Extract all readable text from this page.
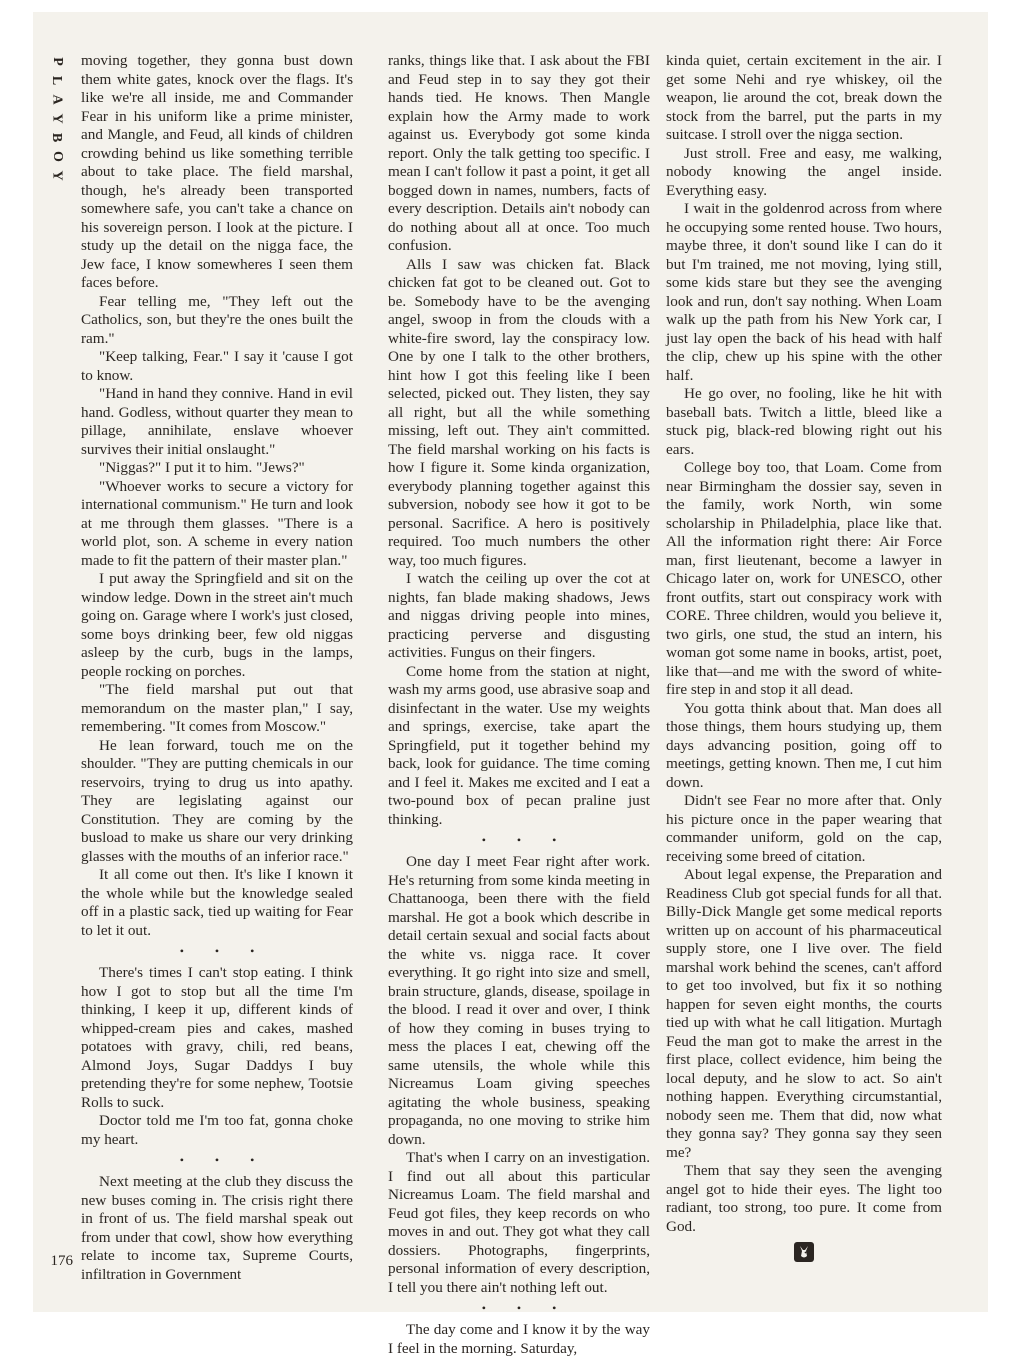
P
L
A
Y
B
O
Y
176

moving together, they gonna bust down them white gates, knock over the flags. It's like we're all inside, me and Commander Fear in his uniform like a prime minister, and Mangle, and Feud, all kinds of children crowding behind us like something terrible about to take place. The field marshal, though, he's already been transported somewhere safe, you can't take a chance on his sovereign person. I look at the picture. I study up the detail on the nigga face, the Jew face, I know somewheres I seen them faces before.

Fear telling me, "They left out the Catholics, son, but they're the ones built the ram."

"Keep talking, Fear." I say it 'cause I got to know.

"Hand in hand they connive. Hand in evil hand. Godless, without quarter they mean to pillage, annihilate, enslave whoever survives their initial onslaught."

"Niggas?" I put it to him. "Jews?"

"Whoever works to secure a victory for international communism." He turn and look at me through them glasses. "There is a world plot, son. A scheme in every nation made to fit the pattern of their master plan."

I put away the Springfield and sit on the window ledge. Down in the street ain't much going on. Garage where I work's just closed, some boys drinking beer, few old niggas asleep by the curb, bugs in the lamps, people rocking on porches.

"The field marshal put out that memorandum on the master plan," I say, remembering. "It comes from Moscow."

He lean forward, touch me on the shoulder. "They are putting chemicals in our reservoirs, trying to drug us into apathy. They are legislating against our Constitution. They are coming by the busload to make us share our very drinking glasses with the mouths of an inferior race."

It all come out then. It's like I known it the whole while but the knowledge sealed off in a plastic sack, tied up waiting for Fear to let it out.

• • •

There's times I can't stop eating. I think how I got to stop but all the time I'm thinking, I keep it up, different kinds of whipped-cream pies and cakes, mashed potatoes with gravy, chili, red beans, Almond Joys, Sugar Daddys I buy pretending they're for some nephew, Tootsie Rolls to suck.

Doctor told me I'm too fat, gonna choke my heart.

• • •

Next meeting at the club they discuss the new buses coming in. The crisis right there in front of us. The field marshal speak out from under that cowl, show how everything relate to income tax, Supreme Courts, infiltration in Government

ranks, things like that. I ask about the FBI and Feud step in to say they got their hands tied. He knows. Then Mangle explain how the Army made to work against us. Everybody got some kinda report. Only the talk getting too specific. I mean I can't follow it past a point, it get all bogged down in names, numbers, facts of every description. Details ain't nobody can do nothing about all at once. Too much confusion.

Alls I saw was chicken fat. Black chicken fat got to be cleaned out. Got to be. Somebody have to be the avenging angel, swoop in from the clouds with a white-fire sword, lay the conspiracy low. One by one I talk to the other brothers, hint how I got this feeling like I been selected, picked out. They listen, they say all right, but all the while something missing, left out. They ain't committed. The field marshal working on his facts is how I figure it. Some kinda organization, everybody planning together against this subversion, nobody see how it got to be personal. Sacrifice. A hero is positively required. Too much numbers the other way, too much figures.

I watch the ceiling up over the cot at nights, fan blade making shadows, Jews and niggas driving people into mines, practicing perverse and disgusting activities. Fungus on their fingers.

Come home from the station at night, wash my arms good, use abrasive soap and disinfectant in the water. Use my weights and springs, exercise, take apart the Springfield, put it together behind my back, look for guidance. The time coming and I feel it. Makes me excited and I eat a two-pound box of pecan praline just thinking.

• • •

One day I meet Fear right after work. He's returning from some kinda meeting in Chattanooga, been there with the field marshal. He got a book which describe in detail certain sexual and social facts about the white vs. nigga race. It cover everything. It go right into size and smell, brain structure, glands, disease, spoilage in the blood. I read it over and over, I think of how they coming in buses trying to mess the places I eat, chewing off the same utensils, the whole while this Nicreamus Loam giving speeches agitating the whole business, speaking propaganda, no one moving to strike him down.

That's when I carry on an investigation. I find out all about this particular Nicreamus Loam. The field marshal and Feud got files, they keep records on who moves in and out. They got what they call dossiers. Photographs, fingerprints, personal information of every description, I tell you there ain't nothing left out.

• • •

The day come and I know it by the way I feel in the morning. Saturday,

kinda quiet, certain excitement in the air. I get some Nehi and rye whiskey, oil the weapon, lie around the cot, break down the stock from the barrel, put the parts in my suitcase. I stroll over the nigga section.

Just stroll. Free and easy, me walking, nobody knowing the angel inside. Everything easy.

I wait in the goldenrod across from where he occupying some rented house. Two hours, maybe three, it don't sound like I can do it but I'm trained, me not moving, lying still, some kids stare but they see the avenging look and run, don't say nothing. When Loam walk up the path from his New York car, I just lay open the back of his head with half the clip, chew up his spine with the other half.

He go over, no fooling, like he hit with baseball bats. Twitch a little, bleed like a stuck pig, black-red blowing right out his ears.

College boy too, that Loam. Come from near Birmingham the dossier say, seven in the family, work North, win some scholarship in Philadelphia, place like that. All the information right there: Air Force man, first lieutenant, become a lawyer in Chicago later on, work for UNESCO, other front outfits, start out conspiracy work with CORE. Three children, would you believe it, two girls, one stud, the stud an intern, his woman got some name in books, artist, poet, like that—and me with the sword of white-fire step in and stop it all dead.

You gotta think about that. Man does all those things, them hours studying up, them days advancing position, going off to meetings, getting known. Then me, I cut him down.

Didn't see Fear no more after that. Only his picture once in the paper wearing that commander uniform, gold on the cap, receiving some breed of citation.

About legal expense, the Preparation and Readiness Club got special funds for all that. Billy-Dick Mangle get some medical reports written up on account of his pharmaceutical supply store, one I live over. The field marshal work behind the scenes, can't afford to get too involved, but fix it so nothing happen for seven eight months, the courts tied up with what he call litigation. Murtagh Feud the man got to make the arrest in the first place, collect evidence, him being the local deputy, and he slow to act. So ain't nothing happen. Everything circumstantial, nobody seen me. Them that did, now what they gonna say? They gonna say they seen me?

Them that say they seen the avenging angel got to hide their eyes. The light too radiant, too strong, too pure. It come from God.
